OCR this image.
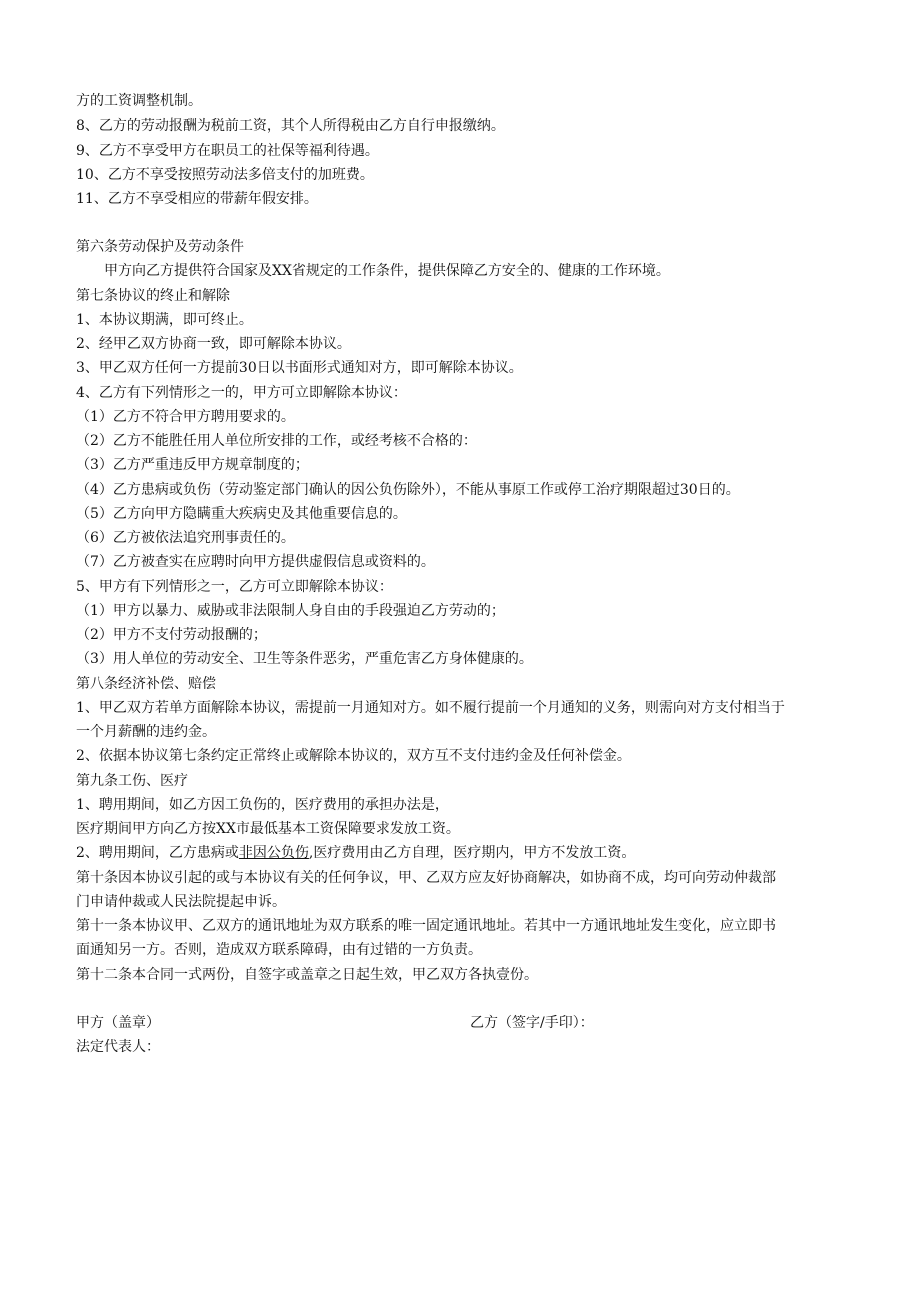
方的工资调整机制。
8、乙方的劳动报酬为税前工资，其个人所得税由乙方自行申报缴纳。
9、乙方不享受甲方在职员工的社保等福利待遇。
10、乙方不享受按照劳动法多倍支付的加班费。
11、乙方不享受相应的带薪年假安排。
第六条劳动保护及劳动条件
甲方向乙方提供符合国家及XX省规定的工作条件，提供保障乙方安全的、健康的工作环境。
第七条协议的终止和解除
1、本协议期满，即可终止。
2、经甲乙双方协商一致，即可解除本协议。
3、甲乙双方任何一方提前30日以书面形式通知对方，即可解除本协议。
4、乙方有下列情形之一的，甲方可立即解除本协议：
（1）乙方不符合甲方聘用要求的。
（2）乙方不能胜任用人单位所安排的工作，或经考核不合格的：
（3）乙方严重违反甲方规章制度的；
（4）乙方患病或负伤（劳动鉴定部门确认的因公负伤除外），不能从事原工作或停工治疗期限超过30日的。
（5）乙方向甲方隐瞒重大疾病史及其他重要信息的。
（6）乙方被依法追究刑事责任的。
（7）乙方被查实在应聘时向甲方提供虚假信息或资料的。
5、甲方有下列情形之一，乙方可立即解除本协议：
（1）甲方以暴力、威胁或非法限制人身自由的手段强迫乙方劳动的；
（2）甲方不支付劳动报酬的；
（3）用人单位的劳动安全、卫生等条件恶劣，严重危害乙方身体健康的。
第八条经济补偿、赔偿
1、甲乙双方若单方面解除本协议，需提前一月通知对方。如不履行提前一个月通知的义务，则需向对方支付相当于
一个月薪酬的违约金。
2、依据本协议第七条约定正常终止或解除本协议的，双方互不支付违约金及任何补偿金。
第九条工伤、医疗
1、聘用期间，如乙方因工负伤的，医疗费用的承担办法是，
医疗期间甲方向乙方按XX市最低基本工资保障要求发放工资。
2、聘用期间，乙方患病或非因公负伤,医疗费用由乙方自理，医疗期内，甲方不发放工资。
第十条因本协议引起的或与本协议有关的任何争议，甲、乙双方应友好协商解决，如协商不成，均可向劳动仲裁部
门申请仲裁或人民法院提起申诉。
第十一条本协议甲、乙双方的通讯地址为双方联系的唯一固定通讯地址。若其中一方通讯地址发生变化，应立即书
面通知另一方。否则，造成双方联系障碍，由有过错的一方负责。
第十二条本合同一式两份，自签字或盖章之日起生效，甲乙双方各执壹份。
甲方（盖章）	乙方（签字/手印）：
法定代表人：
